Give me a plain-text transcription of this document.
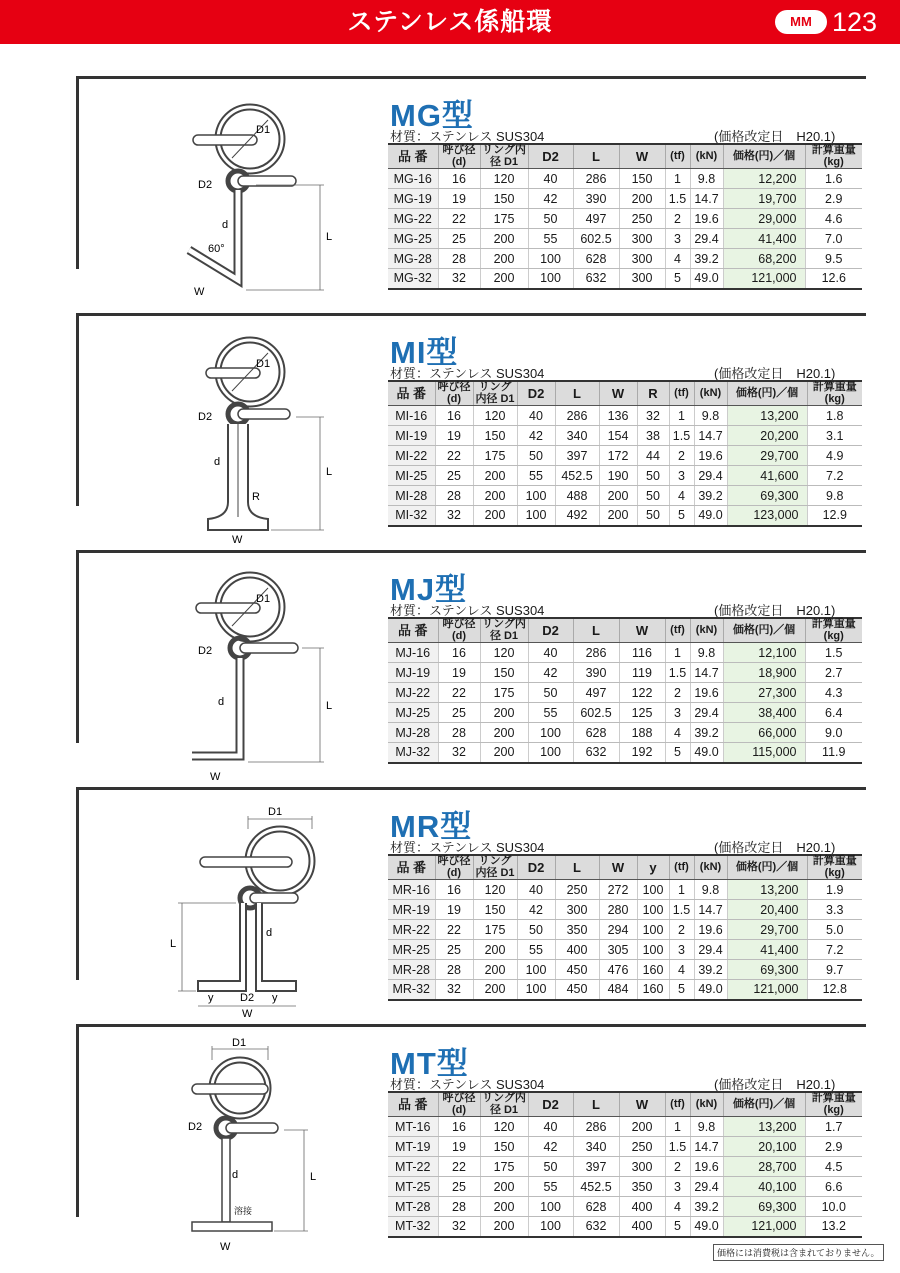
ステンレス係船環	MM 123
D1
L
D2
d
60°
W
MG型
材質：ステンレス SUS304	(価格改定日　H20.1)
品 番	呼び径(d)	リング内径 D1	D2	L	W	(tf)	(kN)	価格(円)／個	計算重量 (kg)
MG-16	16	120	40	286	150	1	9.8	12,200	1.6
MG-19	19	150	42	390	200	1.5	14.7	19,700	2.9
MG-22	22	175	50	497	250	2	19.6	29,000	4.6
MG-25	25	200	55	602.5	300	3	29.4	41,400	7.0
MG-28	28	200	100	628	300	4	39.2	68,200	9.5
MG-32	32	200	100	632	300	5	49.0	121,000	12.6
D1
L
D2
d
R
W
MI型
材質：ステンレス SUS304	(価格改定日　H20.1)
品 番	呼び径(d)	リング内径 D1	D2	L	W	R	(tf)	(kN)	価格(円)／個	計算重量 (kg)
MI-16	16	120	40	286	136	32	1	9.8	13,200	1.8
MI-19	19	150	42	340	154	38	1.5	14.7	20,200	3.1
MI-22	22	175	50	397	172	44	2	19.6	29,700	4.9
MI-25	25	200	55	452.5	190	50	3	29.4	41,600	7.2
MI-28	28	200	100	488	200	50	4	39.2	69,300	9.8
MI-32	32	200	100	492	200	50	5	49.0	123,000	12.9
D1
L
D2
d
W
MJ型
材質：ステンレス SUS304	(価格改定日　H20.1)
品 番	呼び径(d)	リング内径 D1	D2	L	W	(tf)	(kN)	価格(円)／個	計算重量 (kg)
MJ-16	16	120	40	286	116	1	9.8	12,100	1.5
MJ-19	19	150	42	390	119	1.5	14.7	18,900	2.7
MJ-22	22	175	50	497	122	2	19.6	27,300	4.3
MJ-25	25	200	55	602.5	125	3	29.4	38,400	6.4
MJ-28	28	200	100	628	188	4	39.2	66,000	9.0
MJ-32	32	200	100	632	192	5	49.0	115,000	11.9
D1
L
d
y D2 y
W
MR型
材質：ステンレス SUS304	(価格改定日　H20.1)
品 番	呼び径(d)	リング内径 D1	D2	L	W	y	(tf)	(kN)	価格(円)／個	計算重量 (kg)
MR-16	16	120	40	250	272	100	1	9.8	13,200	1.9
MR-19	19	150	42	300	280	100	1.5	14.7	20,400	3.3
MR-22	22	175	50	350	294	100	2	19.6	29,700	5.0
MR-25	25	200	55	400	305	100	3	29.4	41,400	7.2
MR-28	28	200	100	450	476	160	4	39.2	69,300	9.7
MR-32	32	200	100	450	484	160	5	49.0	121,000	12.8
D1
L
D2
d
溶接
W
MT型
材質：ステンレス SUS304	(価格改定日　H20.1)
品 番	呼び径(d)	リング内径 D1	D2	L	W	(tf)	(kN)	価格(円)／個	計算重量 (kg)
MT-16	16	120	40	286	200	1	9.8	13,200	1.7
MT-19	19	150	42	340	250	1.5	14.7	20,100	2.9
MT-22	22	175	50	397	300	2	19.6	28,700	4.5
MT-25	25	200	55	452.5	350	3	29.4	40,100	6.6
MT-28	28	200	100	628	400	4	39.2	69,300	10.0
MT-32	32	200	100	632	400	5	49.0	121,000	13.2
価格には消費税は含まれておりません。
